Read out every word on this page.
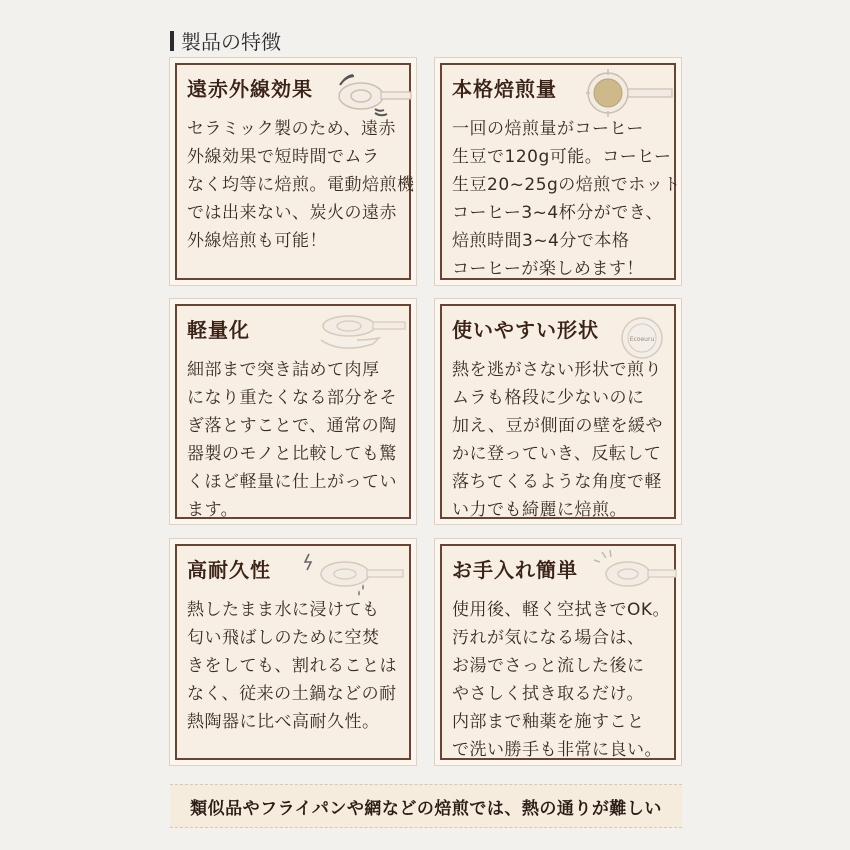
製品の特徴
遠赤外線効果
セラミック製のため、遠赤
外線効果で短時間でムラ
なく均等に焙煎。電動焙煎機
では出来ない、炭火の遠赤
外線焙煎も可能！
本格焙煎量
一回の焙煎量がコーヒー
生豆で120g可能。コーヒー
生豆20~25gの焙煎でホット
コーヒー3~4杯分ができ、
焙煎時間3~4分で本格
コーヒーが楽しめます！
軽量化
細部まで突き詰めて肉厚
になり重たくなる部分をそ
ぎ落とすことで、通常の陶
器製のモノと比較しても驚
くほど軽量に仕上がってい
ます。
使いやすい形状	Ecoeuru
熱を逃がさない形状で煎り
ムラも格段に少ないのに
加え、豆が側面の壁を緩や
かに登っていき、反転して
落ちてくるような角度で軽
い力でも綺麗に焙煎。
高耐久性
熱したまま水に浸けても
匂い飛ばしのために空焚
きをしても、割れることは
なく、従来の土鍋などの耐
熱陶器に比べ高耐久性。
お手入れ簡単
使用後、軽く空拭きでOK。
汚れが気になる場合は、
お湯でさっと流した後に
やさしく拭き取るだけ。
内部まで釉薬を施すこと
で洗い勝手も非常に良い。
類似品やフライパンや網などの焙煎では、熱の通りが難しい
